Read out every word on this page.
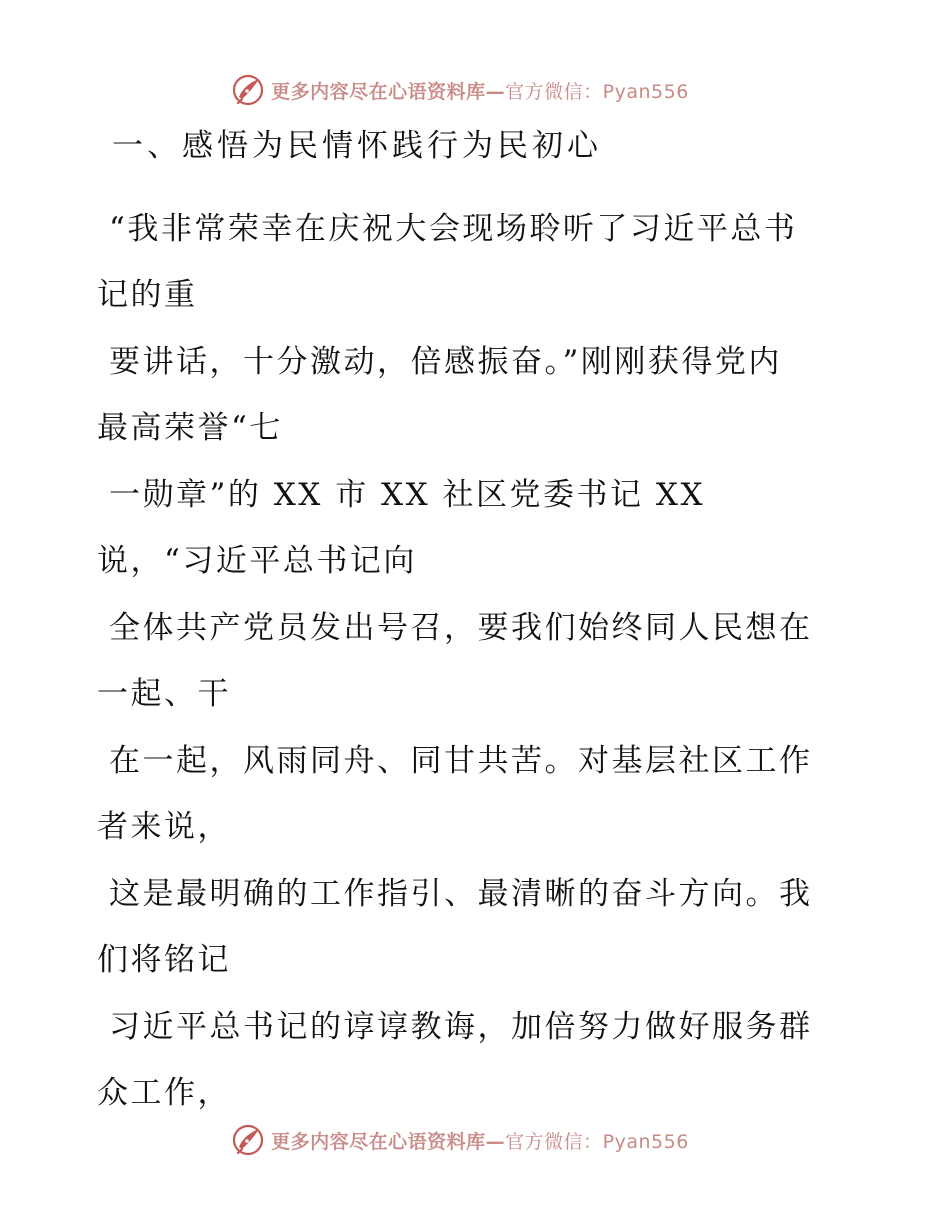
更多内容尽在心语资料库—官方微信：Pyan556
一、感悟为民情怀践行为民初心

“我非常荣幸在庆祝大会现场聆听了习近平总书
记的重

要讲话，十分激动，倍感振奋。”刚刚获得党内
最高荣誉“七

一勋章”的 XX 市 XX 社区党委书记 XX
说，“习近平总书记向

全体共产党员发出号召，要我们始终同人民想在
一起、干

在一起，风雨同舟、同甘共苦。对基层社区工作
者来说，

这是最明确的工作指引、最清晰的奋斗方向。我
们将铭记

习近平总书记的谆谆教诲，加倍努力做好服务群
众工作，

更多内容尽在心语资料库—官方微信：Pyan556
